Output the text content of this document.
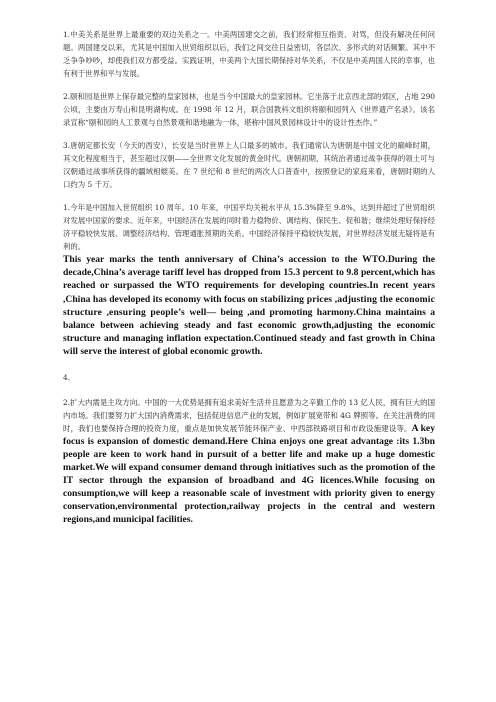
1.中美关系是世界上最重要的双边关系之一。中美两国建交之前，我们经常相互指责、对骂，但没有解决任何问题。两国建交以来，尤其是中国加入世贸组织以后，我们之间交往日益密切，各层次、多形式的对话频繁。其中不乏争争吵吵，却使我们双方都受益。实践证明，中美两个大国长期保持对华关系，不仅是中美两国人民的幸事，也有利于世界和平与发展。

2.颐和园是世界上保存最完整的皇家园林，也是当今中国最大的皇家园林。它坐落于北京西北部的郊区，占地 290 公顷，主要由万寿山和昆明湖构成。在 1998 年 12 月，联合国教科文组织将颐和园列入《世界遗产名录》。该名录宣称“颐和园的人工景观与自然景观和谐地融为一体，堪称中国风景园林设计中的设计性杰作。”

3.唐朝定都长安（今天的西安），长安是当时世界上人口最多的城市。我们通常认为唐朝是中国文化的巅峰时期，其文化程度相当于，甚至超过汉朝——全世界文化发展的黄金时代。唐朝初期，其统治者通过战争获得的领土可与汉朝通过战事所获得的疆域相媲美。在 7 世纪和 8 世纪的两次人口普查中，按照登记的家庭来看，唐朝时期的人口约为 5 千万。

1.今年是中国加入世贸组织 10 周年。10 年来，中国平均关税水平从 15.3%降至 9.8%，达到并超过了世贸组织对发展中国家的要求。近年来，中国经济在发展的同时着力稳物价、调结构、保民生、促和谐；继续处理好保持经济平稳较快发展、调整经济结构、管理通胀预期的关系。中国经济保持平稳较快发展，对世界经济发展无疑将是有利的。

This year marks the tenth anniversary of China’s accession to the WTO.During the decade,China’s average tariff level has dropped from 15.3 percent to 9.8 percent,which has reached or surpassed the WTO requirements for developing countries.In recent years ,China has developed its economy with focus on stabilizing prices ,adjusting the economic structure ,ensuring people’s well— being ,and promoting harmony.China maintains a balance between achieving steady and fast economic growth,adjusting the economic structure and managing inflation expectation.Continued steady and fast growth in China will serve the interest of global economic growth.
4.

2.扩大内需是主攻方向。中国的一大优势是拥有追求美好生活并且愿意为之辛勤工作的 13 亿人民，拥有巨大的国内市场。我们要努力扩大国内消费需求，包括促进信息产业的发展，例如扩展宽带和 4G 牌照等。在关注消费的同时，我们也要保持合理的投资力度，重点是加快发展节能环保产业、中西部铁路项目和市政设施建设等。A key focus is expansion of domestic demand.Here China enjoys one great advantage :its 1.3bn people are keen to work hand in pursuit of a better life and make up a huge domestic market.We will expand consumer demand through initiatives such as the promotion of the IT sector through the expansion of broadband and 4G licences.While focusing on consumption,we will keep a reasonable scale of investment with priority given to energy conservation,environmental protection,railway projects in the central and western regions,and municipal facilities.
